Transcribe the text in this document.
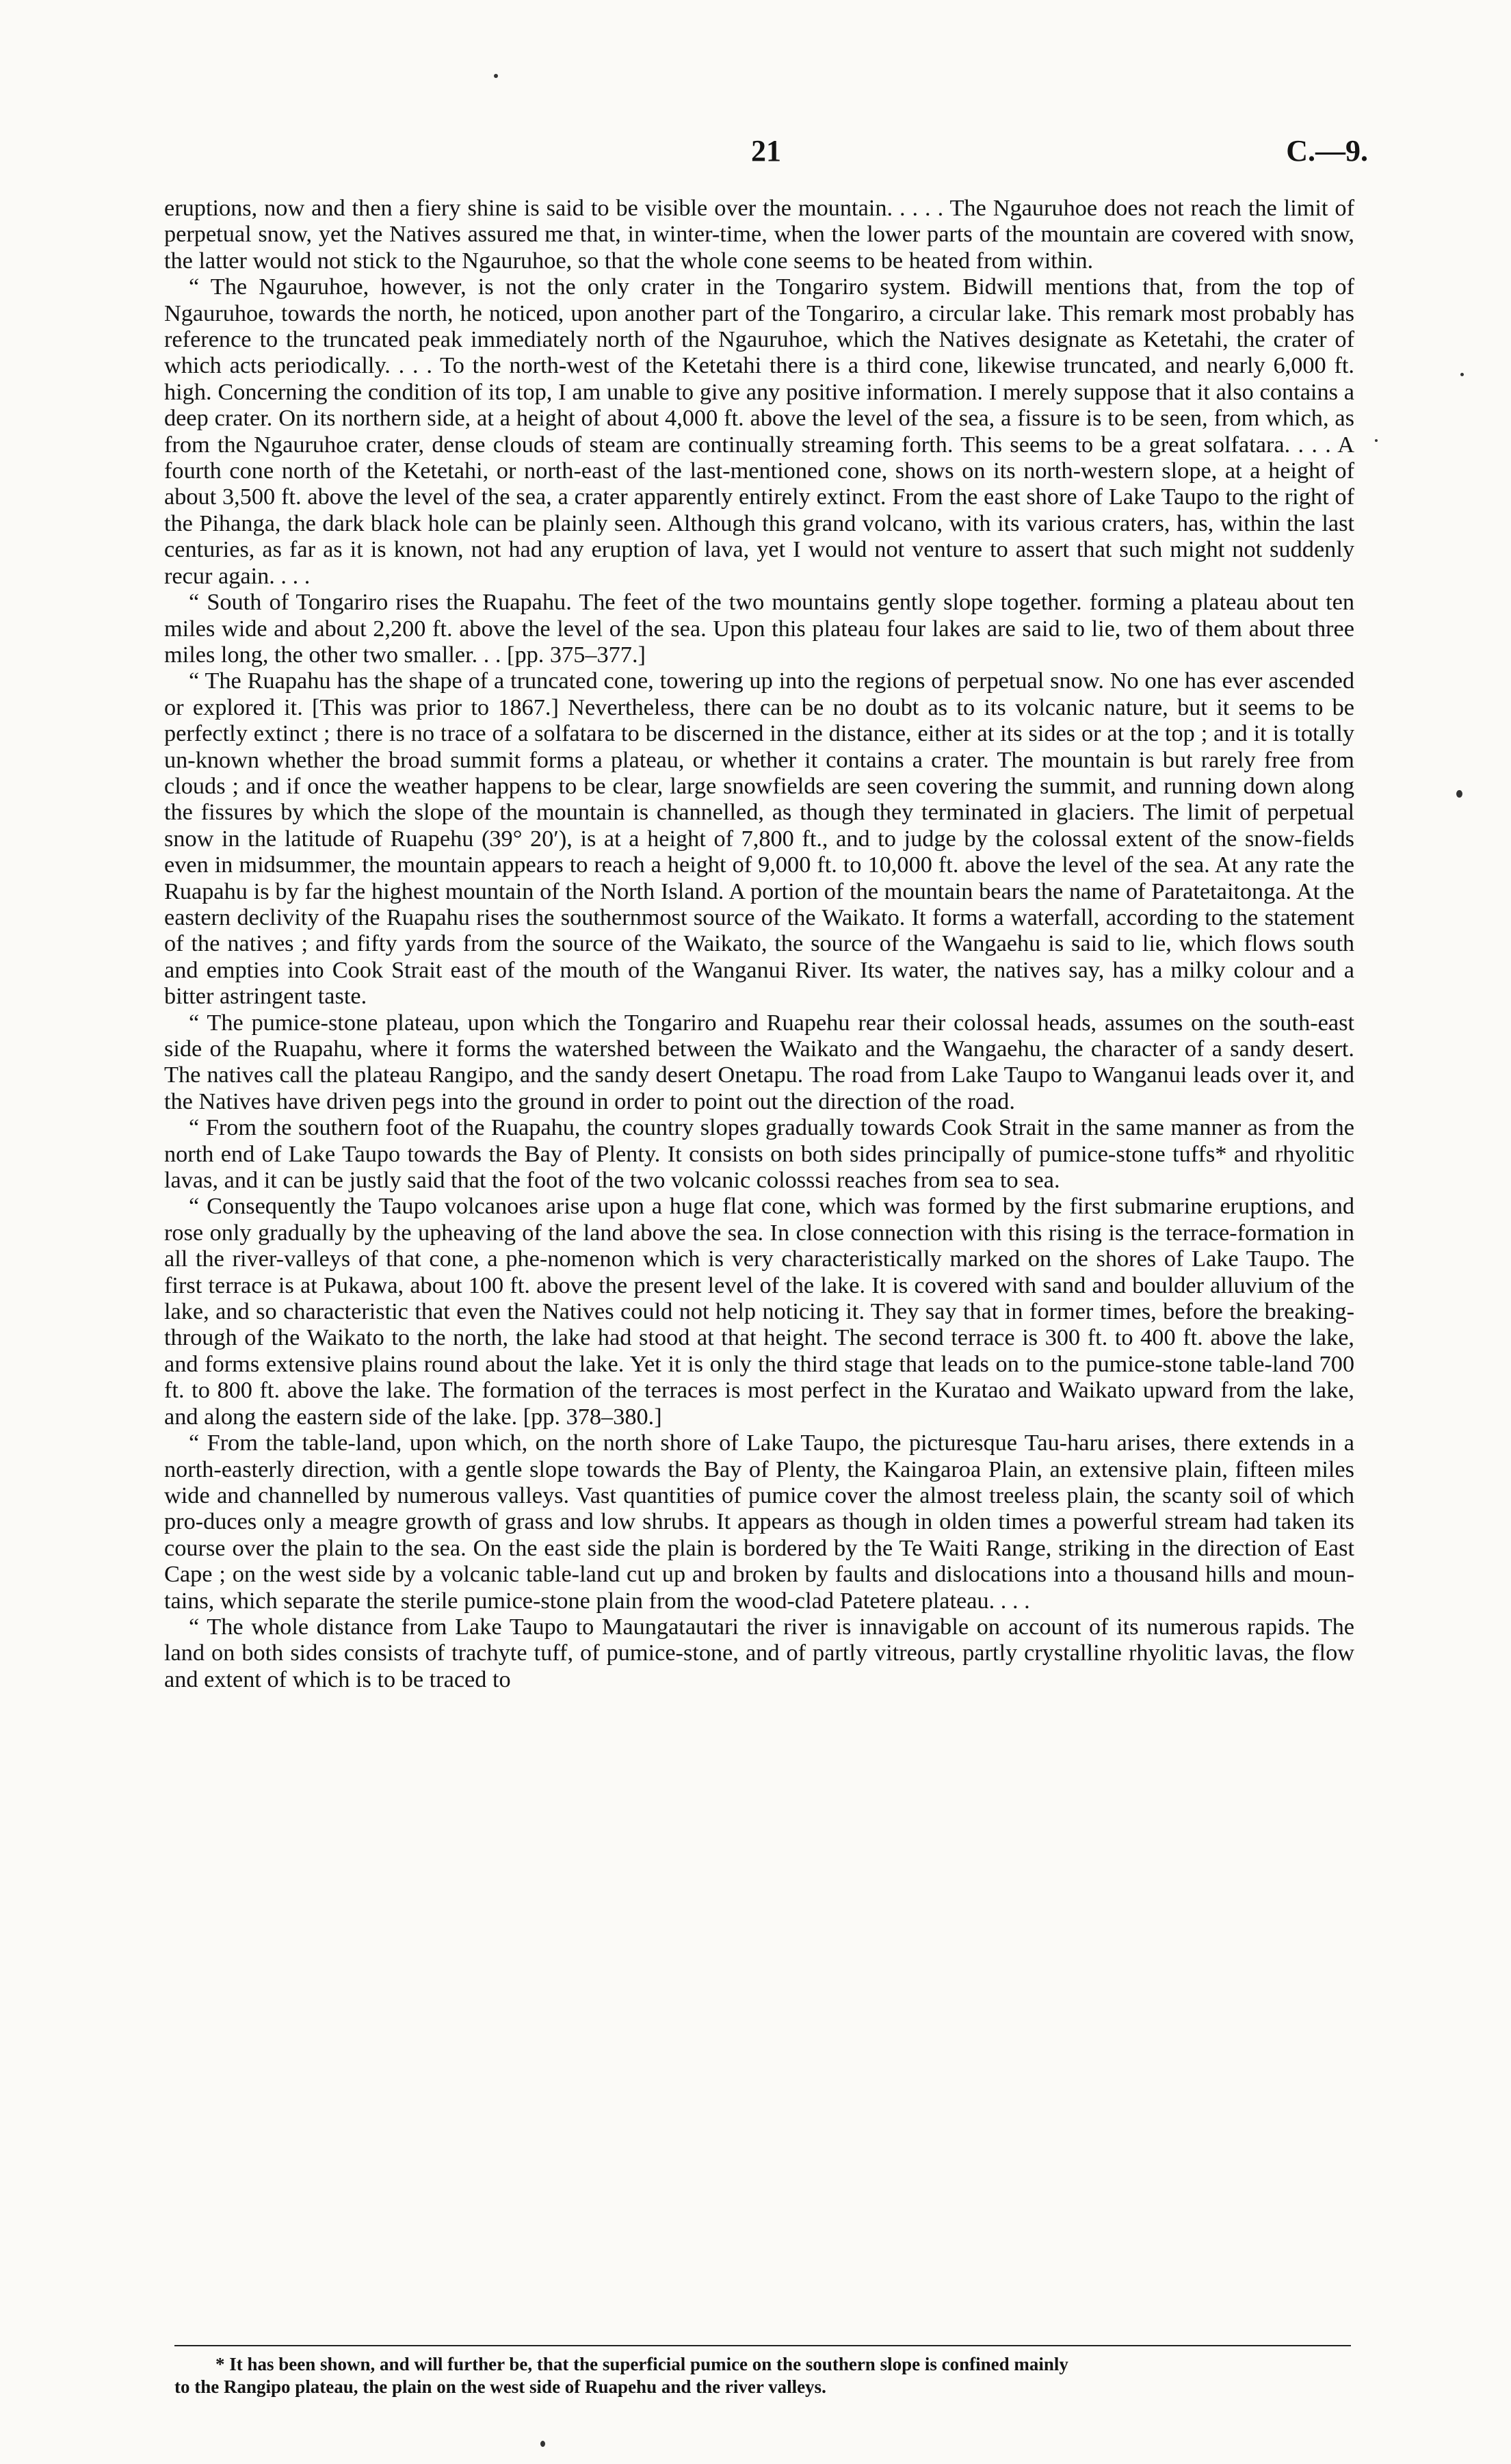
21	C.—9.

eruptions, now and then a fiery shine is said to be visible over the mountain. . . . . The Ngauruhoe does not reach the limit of perpetual snow, yet the Natives assured me that, in winter-time, when the lower parts of the mountain are covered with snow, the latter would not stick to the Ngauruhoe, so that the whole cone seems to be heated from within.

“ The Ngauruhoe, however, is not the only crater in the Tongariro system. Bidwill mentions that, from the top of Ngauruhoe, towards the north, he noticed, upon another part of the Tongariro, a circular lake. This remark most probably has reference to the truncated peak immediately north of the Ngauruhoe, which the Natives designate as Ketetahi, the crater of which acts periodically. . . . To the north-west of the Ketetahi there is a third cone, likewise truncated, and nearly 6,000 ft. high. Concerning the condition of its top, I am unable to give any positive information. I merely suppose that it also contains a deep crater. On its northern side, at a height of about 4,000 ft. above the level of the sea, a fissure is to be seen, from which, as from the Ngauruhoe crater, dense clouds of steam are continually streaming forth. This seems to be a great solfatara. . . . A fourth cone north of the Ketetahi, or north-east of the last-mentioned cone, shows on its north-western slope, at a height of about 3,500 ft. above the level of the sea, a crater apparently entirely extinct. From the east shore of Lake Taupo to the right of the Pihanga, the dark black hole can be plainly seen. Although this grand volcano, with its various craters, has, within the last centuries, as far as it is known, not had any eruption of lava, yet I would not venture to assert that such might not suddenly recur again. . . .

“ South of Tongariro rises the Ruapahu. The feet of the two mountains gently slope together. forming a plateau about ten miles wide and about 2,200 ft. above the level of the sea. Upon this plateau four lakes are said to lie, two of them about three miles long, the other two smaller. . . [pp. 375–377.]

“ The Ruapahu has the shape of a truncated cone, towering up into the regions of perpetual snow. No one has ever ascended or explored it. [This was prior to 1867.] Nevertheless, there can be no doubt as to its volcanic nature, but it seems to be perfectly extinct ; there is no trace of a solfatara to be discerned in the distance, either at its sides or at the top ; and it is totally un-known whether the broad summit forms a plateau, or whether it contains a crater. The mountain is but rarely free from clouds ; and if once the weather happens to be clear, large snowfields are seen covering the summit, and running down along the fissures by which the slope of the mountain is channelled, as though they terminated in glaciers. The limit of perpetual snow in the latitude of Ruapehu (39° 20′), is at a height of 7,800 ft., and to judge by the colossal extent of the snow-fields even in midsummer, the mountain appears to reach a height of 9,000 ft. to 10,000 ft. above the level of the sea. At any rate the Ruapahu is by far the highest mountain of the North Island. A portion of the mountain bears the name of Paratetaitonga. At the eastern declivity of the Ruapahu rises the southernmost source of the Waikato. It forms a waterfall, according to the statement of the natives ; and fifty yards from the source of the Waikato, the source of the Wangaehu is said to lie, which flows south and empties into Cook Strait east of the mouth of the Wanganui River. Its water, the natives say, has a milky colour and a bitter astringent taste.

“ The pumice-stone plateau, upon which the Tongariro and Ruapehu rear their colossal heads, assumes on the south-east side of the Ruapahu, where it forms the watershed between the Waikato and the Wangaehu, the character of a sandy desert. The natives call the plateau Rangipo, and the sandy desert Onetapu. The road from Lake Taupo to Wanganui leads over it, and the Natives have driven pegs into the ground in order to point out the direction of the road.

“ From the southern foot of the Ruapahu, the country slopes gradually towards Cook Strait in the same manner as from the north end of Lake Taupo towards the Bay of Plenty. It consists on both sides principally of pumice-stone tuffs* and rhyolitic lavas, and it can be justly said that the foot of the two volcanic colosssi reaches from sea to sea.

“ Consequently the Taupo volcanoes arise upon a huge flat cone, which was formed by the first submarine eruptions, and rose only gradually by the upheaving of the land above the sea. In close connection with this rising is the terrace-formation in all the river-valleys of that cone, a phe-nomenon which is very characteristically marked on the shores of Lake Taupo. The first terrace is at Pukawa, about 100 ft. above the present level of the lake. It is covered with sand and boulder alluvium of the lake, and so characteristic that even the Natives could not help noticing it. They say that in former times, before the breaking-through of the Waikato to the north, the lake had stood at that height. The second terrace is 300 ft. to 400 ft. above the lake, and forms extensive plains round about the lake. Yet it is only the third stage that leads on to the pumice-stone table-land 700 ft. to 800 ft. above the lake. The formation of the terraces is most perfect in the Kuratao and Waikato upward from the lake, and along the eastern side of the lake. [pp. 378–380.]

“ From the table-land, upon which, on the north shore of Lake Taupo, the picturesque Tau-haru arises, there extends in a north-easterly direction, with a gentle slope towards the Bay of Plenty, the Kaingaroa Plain, an extensive plain, fifteen miles wide and channelled by numerous valleys. Vast quantities of pumice cover the almost treeless plain, the scanty soil of which pro-duces only a meagre growth of grass and low shrubs. It appears as though in olden times a powerful stream had taken its course over the plain to the sea. On the east side the plain is bordered by the Te Waiti Range, striking in the direction of East Cape ; on the west side by a volcanic table-land cut up and broken by faults and dislocations into a thousand hills and moun-tains, which separate the sterile pumice-stone plain from the wood-clad Patetere plateau. . . .

“ The whole distance from Lake Taupo to Maungatautari the river is innavigable on account of its numerous rapids. The land on both sides consists of trachyte tuff, of pumice-stone, and of partly vitreous, partly crystalline rhyolitic lavas, the flow and extent of which is to be traced to

* It has been shown, and will further be, that the superficial pumice on the southern slope is confined mainly
to the Rangipo plateau, the plain on the west side of Ruapehu and the river valleys.
